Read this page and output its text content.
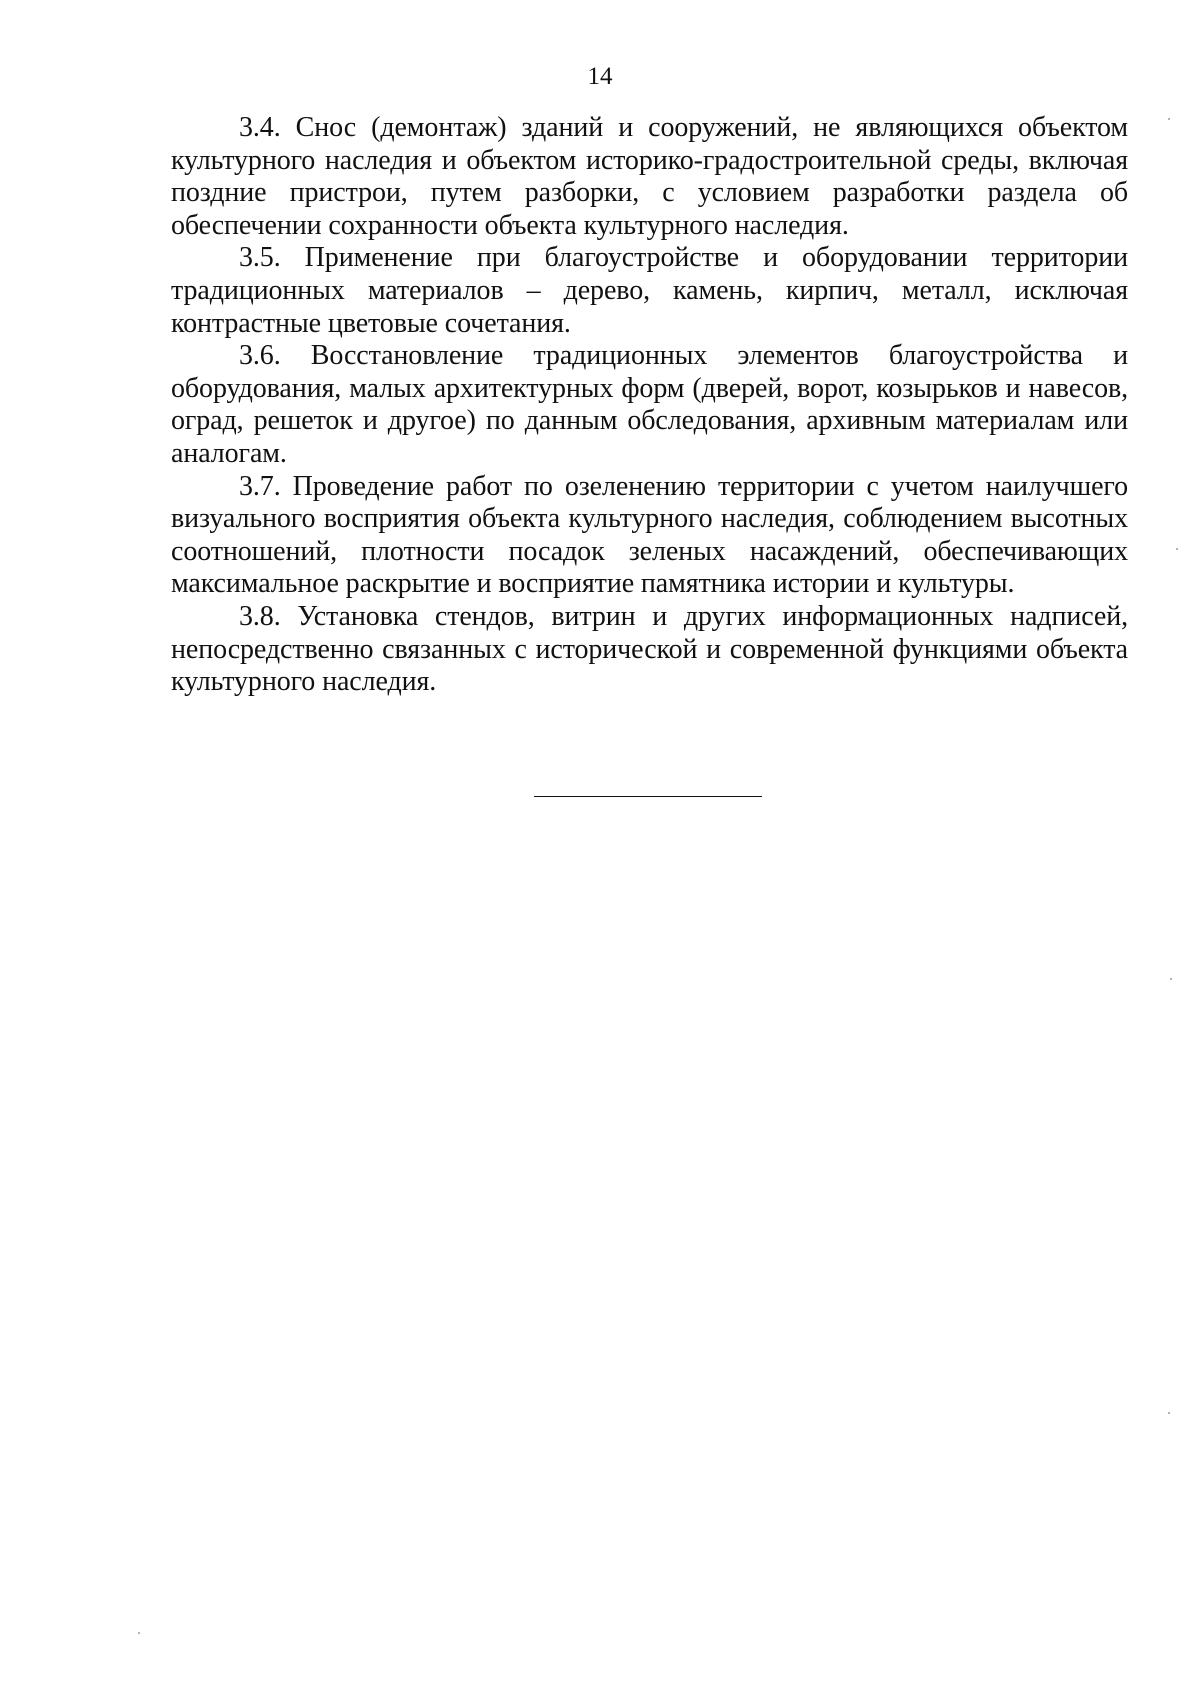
14

3.4. Снос (демонтаж) зданий и сооружений, не являющихся объектом культурного наследия и объектом историко-градостроительной среды, включая поздние пристрои, путем разборки, с условием разработки раздела об обеспечении сохранности объекта культурного наследия.

3.5. Применение при благоустройстве и оборудовании территории традиционных материалов – дерево, камень, кирпич, металл, исключая контрастные цветовые сочетания.

3.6. Восстановление традиционных элементов благоустройства и оборудования, малых архитектурных форм (дверей, ворот, козырьков и навесов, оград, решеток и другое) по данным обследования, архивным материалам или аналогам.

3.7. Проведение работ по озеленению территории с учетом наилучшего визуального восприятия объекта культурного наследия, соблюдением высотных соотношений, плотности посадок зеленых насаждений, обеспечивающих максимальное раскрытие и восприятие памятника истории и культуры.

3.8. Установка стендов, витрин и других информационных надписей, непосредственно связанных с исторической и современной функциями объекта культурного наследия.
